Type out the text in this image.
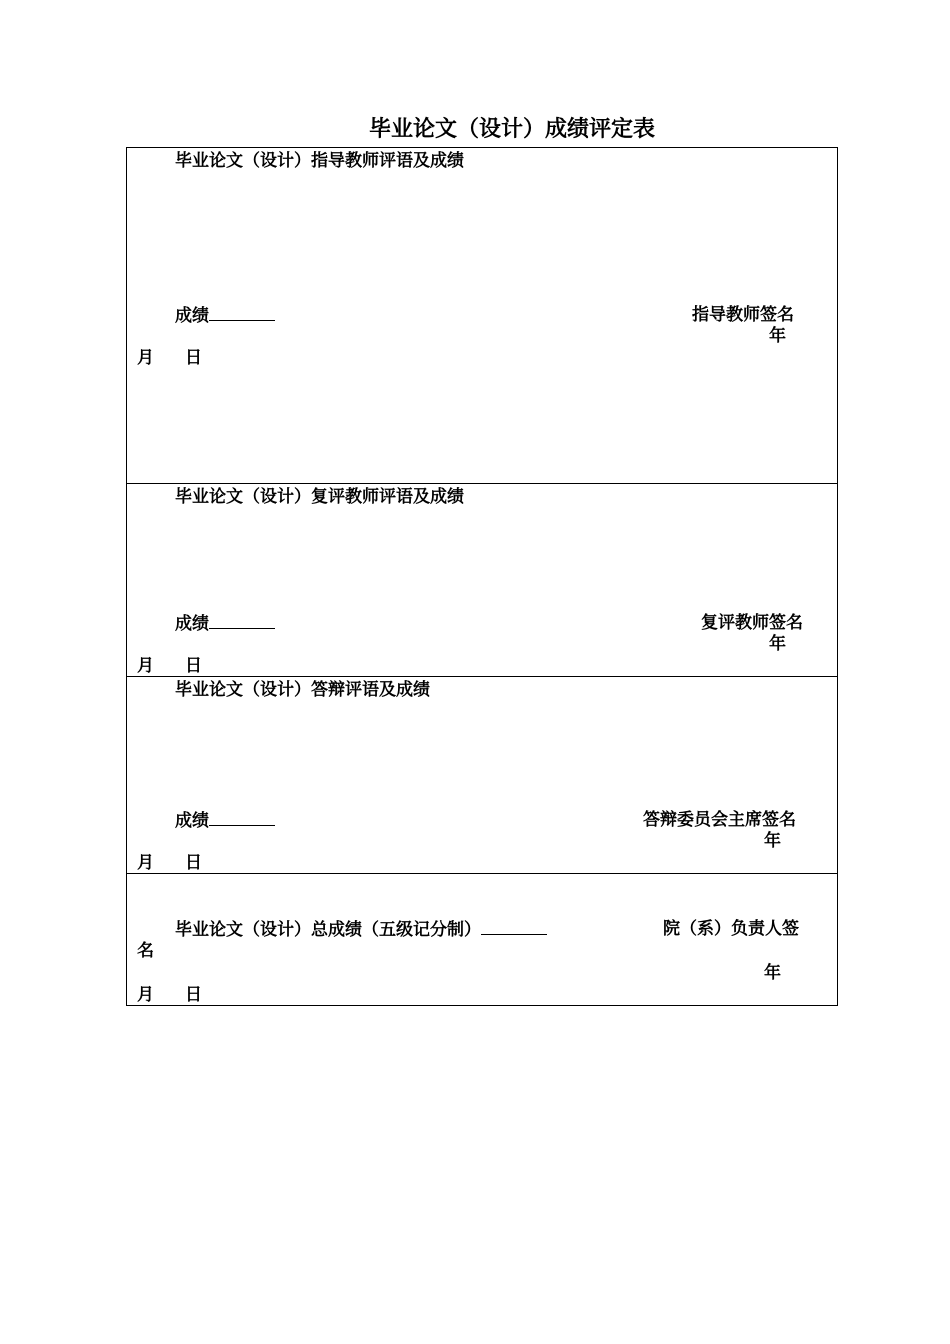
毕业论文（设计）成绩评定表
毕业论文（设计）指导教师评语及成绩
成绩	指导教师签名
年
月 日
毕业论文（设计）复评教师评语及成绩
成绩	复评教师签名
年
月 日
毕业论文（设计）答辩评语及成绩
成绩	答辩委员会主席签名
年
月 日
毕业论文（设计）总成绩（五级记分制）	院（系）负责人签
名
年
月 日
